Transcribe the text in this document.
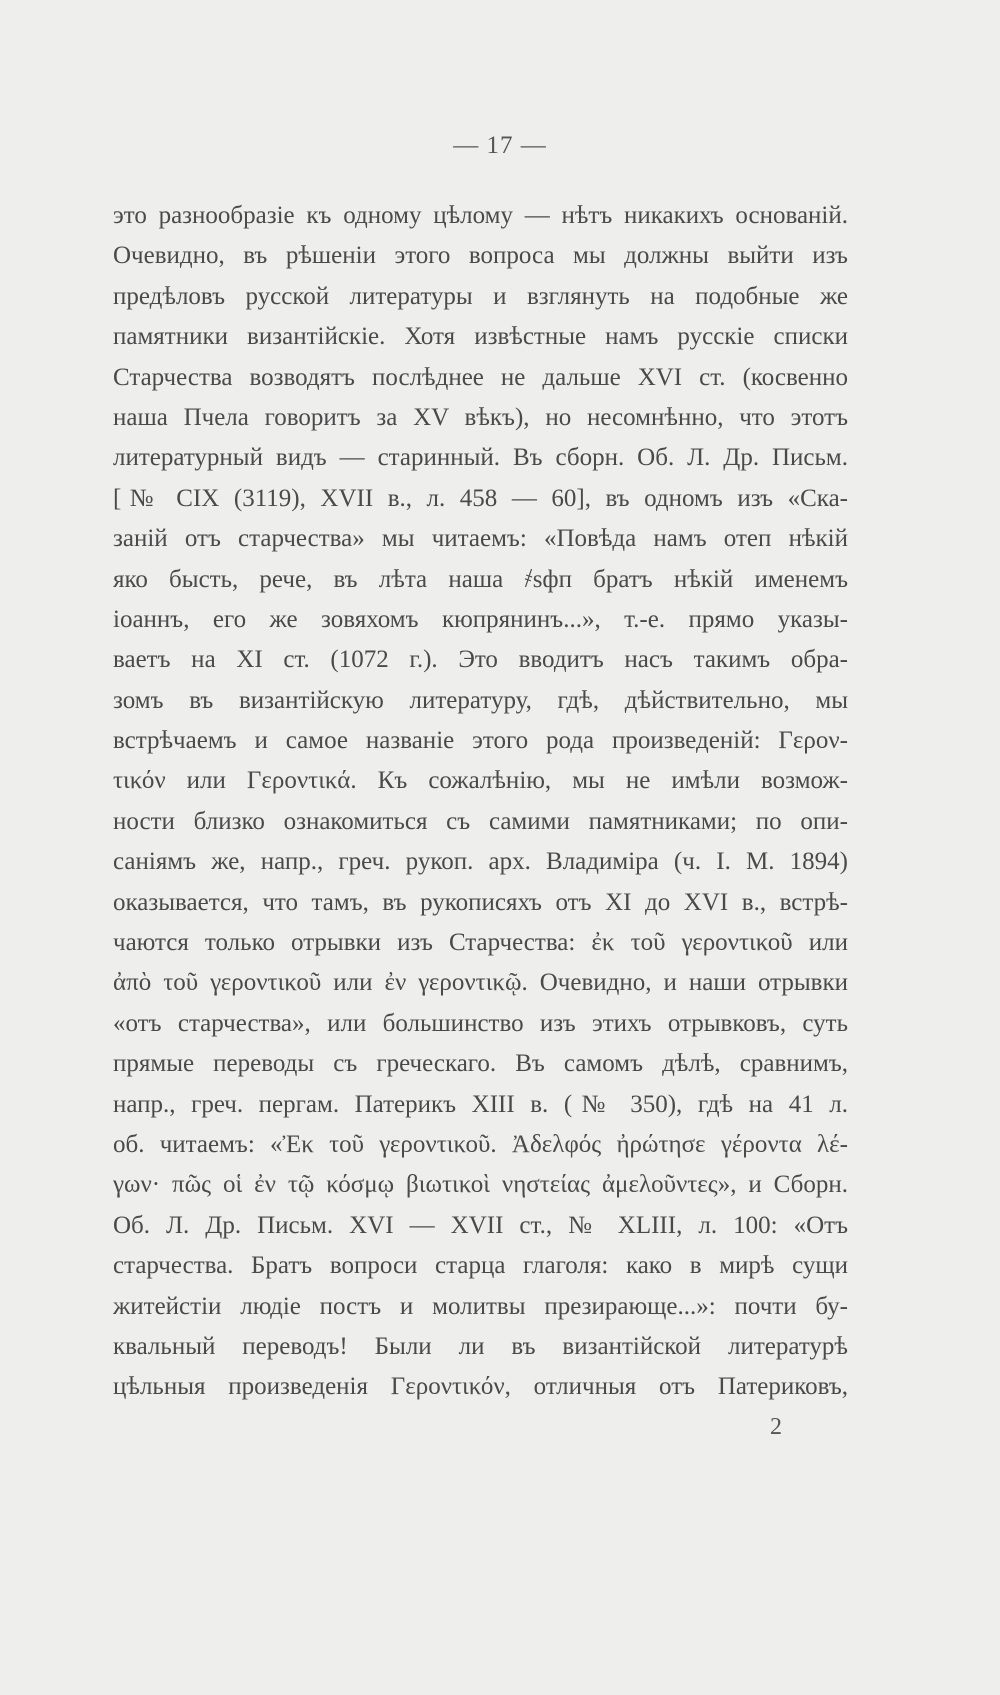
— 17 —
это разнообразіе къ одному цѣлому — нѣтъ никакихъ основаній.
Очевидно, въ рѣшеніи этого вопроса мы должны выйти изъ
предѣловъ русской литературы и взглянуть на подобные же
памятники византійскіе. Хотя извѣстные намъ русскіе списки
Старчества возводятъ послѣднее не дальше XVI ст. (косвенно
наша Пчела говоритъ за XV вѣкъ), но несомнѣнно, что этотъ
литературный видъ — старинный. Въ сборн. Об. Л. Др. Письм.
[№ CIX (3119), XVII в., л. 458 — 60], въ одномъ изъ «Ска-
заній отъ старчества» мы читаемъ: «Повѣда намъ отеп нѣкій
яко бысть, рече, въ лѣта наша ҂ѕфп братъ нѣкій именемъ
іоаннъ, его же зовяхомъ кюпрянинъ...», т.-е. прямо указы-
ваетъ на XI ст. (1072 г.). Это вводитъ насъ такимъ обра-
зомъ въ византійскую литературу, гдѣ, дѣйствительно, мы
встрѣчаемъ и самое названіе этого рода произведеній: Γερον-
τικόν или Γεροντικά. Къ сожалѣнію, мы не имѣли возмож-
ности близко ознакомиться съ самими памятниками; по опи-
саніямъ же, напр., греч. рукоп. арх. Владиміра (ч. I. М. 1894)
оказывается, что тамъ, въ рукописяхъ отъ XI до XVI в., встрѣ-
чаются только отрывки изъ Старчества: ἐκ τοῦ γεροντικοῦ или
ἀπὸ τοῦ γεροντικοῦ или ἐν γεροντικῷ. Очевидно, и наши отрывки
«отъ старчества», или большинство изъ этихъ отрывковъ, суть
прямые переводы съ греческаго. Въ самомъ дѣлѣ, сравнимъ,
напр., греч. пергам. Патерикъ XIII в. (№ 350), гдѣ на 41 л.
об. читаемъ: «Ἐκ τοῦ γεροντικοῦ. Ἀδελφός ἠρώτησε γέροντα λέ-
γων· πῶς οἱ ἐν τῷ κόσμῳ βιωτικοὶ νηστείας ἀμελοῦντες», и Сборн.
Об. Л. Др. Письм. XVI — XVII ст., № XLIII, л. 100: «Отъ
старчества. Братъ вопроси старца глаголя: како в мирѣ сущи
житейстіи людіе постъ и молитвы презирающе...»: почти бу-
квальный переводъ! Были ли въ византійской литературѣ
цѣльныя произведенія Γεροντικόν, отличныя отъ Патериковъ,
2
